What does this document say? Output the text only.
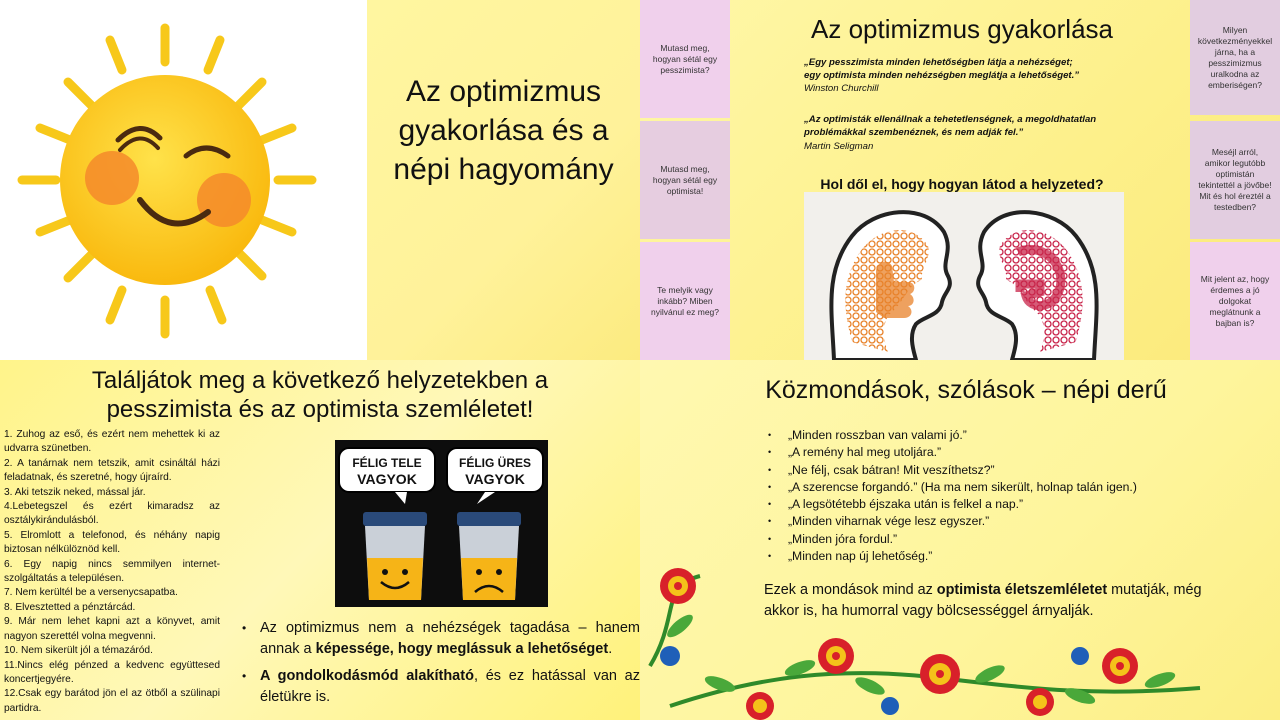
Az optimizmus gyakorlása és a népi hagyomány
Mutasd meg, hogyan sétál egy pesszimista?
Mutasd meg, hogyan sétál egy optimista!
Te melyik vagy inkább? Miben nyilvánul ez meg?
Milyen következményekkel járna, ha a pesszimizmus uralkodna az emberiségen?
Meséjl arról, amikor legutóbb optimistán tekintettél a jövőbe! Mit és hol éreztél a testedben?
Mit jelent az, hogy érdemes a jó dolgokat meglátnunk a bajban is?
Az optimizmus gyakorlása
„Egy pesszimista minden lehetőségben látja a nehézséget;
egy optimista minden nehézségben meglátja a lehetőséget.”
Winston Churchill
„Az optimisták ellenállnak a tehetetlenségnek, a megoldhatatlan
problémákkal szembenéznek, és nem adják fel.”
Martin Seligman
Hol dől el, hogy hogyan látod a helyzeted?
Találjátok meg a következő helyzetekben a
pesszimista és az optimista szemléletet!
1. Zuhog az eső, és ezért nem mehettek ki az udvarra szünetben.
2. A tanárnak nem tetszik, amit csináltál házi feladatnak, és szeretné, hogy újraírd.
3. Aki tetszik neked, mással jár.
4.Lebetegszel és ezért kimaradsz az osztálykirándulásból.
5. Elromlott a telefonod, és néhány napig biztosan nélkülöznöd kell.
6. Egy napig nincs semmilyen internet-szolgáltatás a településen.
7. Nem kerültél be a versenycsapatba.
8. Elvesztetted a pénztárcád.
9. Már nem lehet kapni azt a könyvet, amit nagyon szerettél volna megvenni.
10. Nem sikerült jól a témazáród.
11.Nincs elég pénzed a kedvenc együttesed koncertjegyére.
12.Csak egy barátod jön el az ötből a szülinapi partidra.
FÉLIG TELE
VAGYOK
FÉLIG ÜRES
VAGYOK
• Az optimizmus nem a nehézségek tagadása – hanem annak a képessége, hogy meglássuk a lehetőséget.
• A gondolkodásmód alakítható, és ez hatással van az életükre is.
Közmondások, szólások – népi derű
• „Minden rosszban van valami jó.”
• „A remény hal meg utoljára.”
• „Ne félj, csak bátran! Mit veszíthetsz?”
• „A szerencse forgandó.” (Ha ma nem sikerült, holnap talán igen.)
• „A legsötétebb éjszaka után is felkel a nap.”
• „Minden viharnak vége lesz egyszer.”
• „Minden jóra fordul.”
• „Minden nap új lehetőség.”
Ezek a mondások mind az optimista életszemléletet mutatják, még akkor is, ha humorral vagy bölcsességgel árnyalják.
